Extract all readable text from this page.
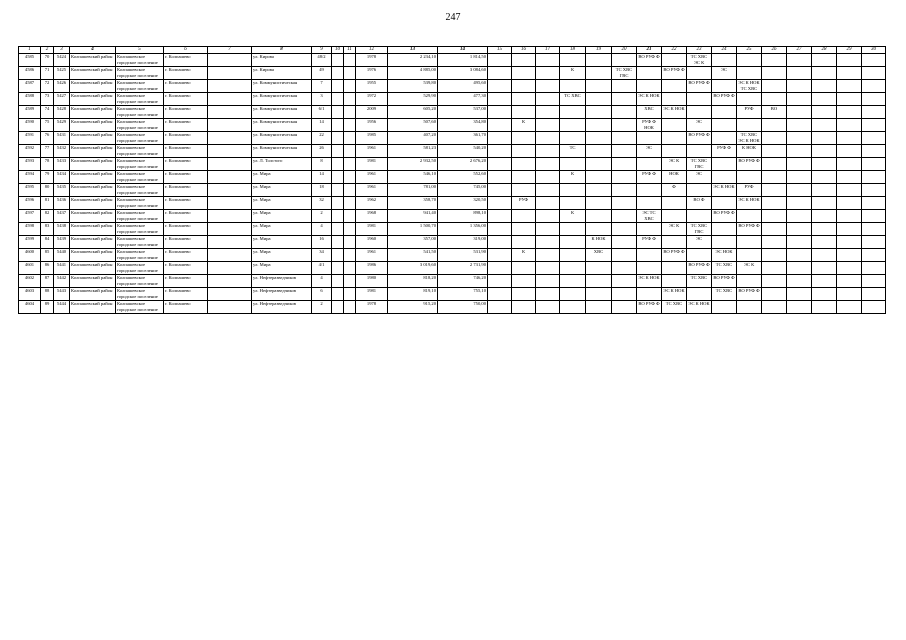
247
1	2	3	4	5	6	7	8	9	10	11	12	13	14	15	16	17	18	19	20	21	22	23	24	25	26	27	28	29	30
4585	70	5424	Колпашевский район	Колпашевское городское поселение	г. Колпашево		ул. Кирова	48/2			1978	2 234,10	1 814,50							ВО РУФ Ф		ТС ХВС ЭС К							
4586	71	5425	Колпашевский район	Колпашевское городское поселение	г. Колпашево		ул. Кирова	49			1976	4 885,00	3 084,60				К		ТС ХВС ГВС		ВО РУФ Ф		ЭС						
4587	72	5426	Колпашевский район	Колпашевское городское поселение	г. Колпашево		ул. Коммунистическая	7			1955	539,80	495,60									ВО РУФ Ф		ЭС К НОК ТС ХВС					
4588	73	5427	Колпашевский район	Колпашевское городское поселение	г. Колпашево		ул. Коммунистическая	3			1972	529,90	477,30				ТС ХВС			ЭС К НОК			ВО РУФ Ф						
4589	74	5428	Колпашевский район	Колпашевское городское поселение	г. Колпашево		ул. Коммунистическая	6/1			2009	605,20	537,00							ХВС	ЭС К НОК			РУФ	ВО				
4590	75	5429	Колпашевский район	Колпашевское городское поселение	г. Колпашево		ул. Коммунистическая	14			1956	507,60	354,80		К					РУФ Ф НОК		ЭС							
4591	76	5431	Колпашевский район	Колпашевское городское поселение	г. Колпашево		ул. Коммунистическая	22			1985	407,20	361,70									ВО РУФ Ф		ТС ХВС ЭС К НОК					
4592	77	5432	Колпашевский район	Колпашевское городское поселение	г. Колпашево		ул. Коммунистическая	26			1961	581,23	540,20				ТС			ЭС			РУФ Ф	К НОК					
4593	78	5433	Колпашевский район	Колпашевское городское поселение	г. Колпашево		ул. Л. Толстого	8			1981	2 932,50	2 676,20								ЭС К	ТС ХВС ГВС		ВО РУФ Ф					
4594	79	5434	Колпашевский район	Колпашевское городское поселение	г. Колпашево		ул. Мира	14			1961	546,10	552,60				К			РУФ Ф	НОК	ЭС							
4595	80	5435	Колпашевский район	Колпашевское городское поселение	г. Колпашево		ул. Мира	18			1961	781,00	745,00								Ф		ЭС К НОК	РУФ					
4596	81	5436	Колпашевский район	Колпашевское городское поселение	г. Колпашево		ул. Мира	32			1962	358,70	320,50		РУФ							ВО Ф		ЭС К НОК					
4597	82	5437	Колпашевский район	Колпашевское городское поселение	г. Колпашево		ул. Мира	2			1968	941,40	898,10				К			ЭС ТС ХВС			ВО РУФ Ф						
4598	83	5438	Колпашевский район	Колпашевское городское поселение	г. Колпашево		ул. Мира	4			1981	1 500,70	1 356,00								ЭС К	ТС ХВС ГВС		ВО РУФ Ф					
4599	84	5439	Колпашевский район	Колпашевское городское поселение	г. Колпашево		ул. Мира	16			1960	357,00	319,00					К НОК		РУФ Ф		ЭС							
4600	85	5440	Колпашевский район	Колпашевское городское поселение	г. Колпашево		ул. Мира	34			1961	541,50	531,90		К			ХВС			ВО РУФ Ф		ЭС НОК						
4601	86	5441	Колпашевский район	Колпашевское городское поселение	г. Колпашево		ул. Мира	4/1			1986	3 019,60	2 731,90									ВО РУФ Ф	ТС ХВС	ЭС К					
4602	87	5442	Колпашевский район	Колпашевское городское поселение	г. Колпашево		ул. Нефтеразведчиков	4			1980	818,20	746,20							ЭС К НОК		ТС ХВС	ВО РУФ Ф						
4603	88	5443	Колпашевский район	Колпашевское городское поселение	г. Колпашево		ул. Нефтеразведчиков	6			1981	819,10	755,10								ЭС К НОК		ТС ХВС	ВО РУФ Ф					
4604	89	5444	Колпашевский район	Колпашевское городское поселение	г. Колпашево		ул. Нефтеразведчиков	2			1978	915,20	750,00							ВО РУФ Ф	ТС ХВС	ЭС К НОК							
